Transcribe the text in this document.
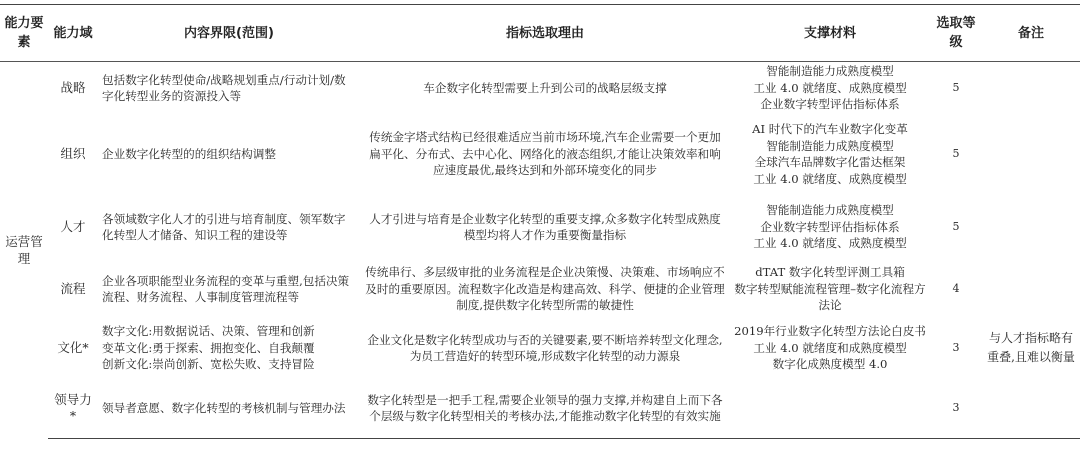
能力要素	能力域	内容界限(范围)	指标选取理由	支撑材料	选取等级	备注
运营管理	战略	包括数字化转型使命/战略规划重点/行动计划/数字化转型业务的资源投入等	车企数字化转型需要上升到公司的战略层级支撑	智能制造能力成熟度模型
工业 4.0 就绪度、成熟度模型
企业数字转型评估指标体系	5	
	组织	企业数字化转型的的组织结构调整	传统金字塔式结构已经很难适应当前市场环境,汽车企业需要一个更加扁平化、分布式、去中心化、网络化的液态组织,才能让决策效率和响应速度最优,最终达到和外部环境变化的同步	AI 时代下的汽车业数字化变革
智能制造能力成熟度模型
全球汽车品牌数字化雷达框架
工业 4.0 就绪度、成熟度模型	5	
	人才	各领域数字化人才的引进与培育制度、领军数字化转型人才储备、知识工程的建设等	人才引进与培育是企业数字化转型的重要支撑,众多数字化转型成熟度模型均将人才作为重要衡量指标	智能制造能力成熟度模型
企业数字转型评估指标体系
工业 4.0 就绪度、成熟度模型	5	
	流程	企业各项职能型业务流程的变革与重塑,包括决策流程、财务流程、人事制度管理流程等	传统串行、多层级审批的业务流程是企业决策慢、决策难、市场响应不及时的重要原因。流程数字化改造是构建高效、科学、便捷的企业管理制度,提供数字化转型所需的敏捷性	dTAT 数字化转型评测工具箱
数字转型赋能流程管理–数字化流程方法论	4	
	文化*	数字文化:用数据说话、决策、管理和创新
变革文化:勇于探索、拥抱变化、自我颠覆
创新文化:崇尚创新、宽松失败、支持冒险	企业文化是数字化转型成功与否的关键要素,要不断培养转型文化理念,为员工营造好的转型环境,形成数字化转型的动力源泉	2019年行业数字化转型方法论白皮书
工业 4.0 就绪度和成熟度模型
数字化成熟度模型 4.0	3	与人才指标略有重叠,且难以衡量
	领导力*	领导者意愿、数字化转型的考核机制与管理办法	数字化转型是一把手工程,需要企业领导的强力支撑,并构建自上而下各个层级与数字化转型相关的考核办法,才能推动数字化转型的有效实施		3	
